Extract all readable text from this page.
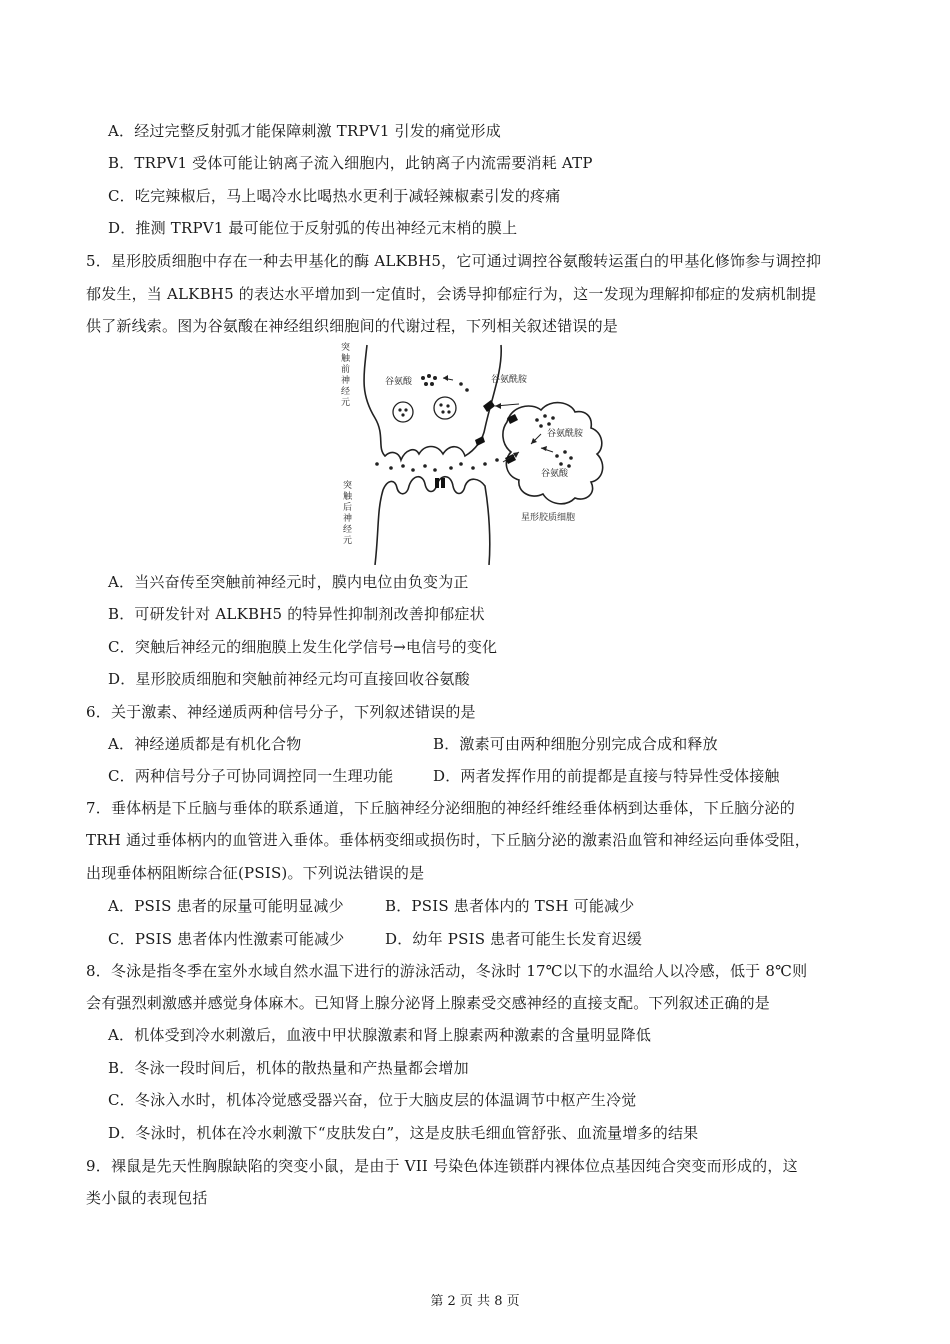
A．经过完整反射弧才能保障刺激 TRPV1 引发的痛觉形成
B．TRPV1 受体可能让钠离子流入细胞内，此钠离子内流需要消耗 ATP
C．吃完辣椒后，马上喝冷水比喝热水更利于减轻辣椒素引发的疼痛
D．推测 TRPV1 最可能位于反射弧的传出神经元末梢的膜上
5．星形胶质细胞中存在一种去甲基化的酶 ALKBH5，它可通过调控谷氨酸转运蛋白的甲基化修饰参与调控抑
郁发生，当 ALKBH5 的表达水平增加到一定值时，会诱导抑郁症行为，这一发现为理解抑郁症的发病机制提
供了新线索。图为谷氨酸在神经组织细胞间的代谢过程，下列相关叙述错误的是
突触前神经元
突触后神经元
谷氨酸	谷氨酰胺
谷氨酰胺
谷氨酸
星形胶质细胞
A．当兴奋传至突触前神经元时，膜内电位由负变为正
B．可研发针对 ALKBH5 的特异性抑制剂改善抑郁症状
C．突触后神经元的细胞膜上发生化学信号→电信号的变化
D．星形胶质细胞和突触前神经元均可直接回收谷氨酸
6．关于激素、神经递质两种信号分子，下列叙述错误的是
A．神经递质都是有机化合物	B．激素可由两种细胞分别完成合成和释放
C．两种信号分子可协同调控同一生理功能	D．两者发挥作用的前提都是直接与特异性受体接触
7．垂体柄是下丘脑与垂体的联系通道，下丘脑神经分泌细胞的神经纤维经垂体柄到达垂体，下丘脑分泌的
TRH 通过垂体柄内的血管进入垂体。垂体柄变细或损伤时，下丘脑分泌的激素沿血管和神经运向垂体受阻，
出现垂体柄阻断综合征(PSIS)。下列说法错误的是
A．PSIS 患者的尿量可能明显减少	B．PSIS 患者体内的 TSH 可能减少
C．PSIS 患者体内性激素可能减少	D．幼年 PSIS 患者可能生长发育迟缓
8．冬泳是指冬季在室外水域自然水温下进行的游泳活动，冬泳时 17℃以下的水温给人以冷感，低于 8℃则
会有强烈刺激感并感觉身体麻木。已知肾上腺分泌肾上腺素受交感神经的直接支配。下列叙述正确的是
A．机体受到冷水刺激后，血液中甲状腺激素和肾上腺素两种激素的含量明显降低
B．冬泳一段时间后，机体的散热量和产热量都会增加
C．冬泳入水时，机体冷觉感受器兴奋，位于大脑皮层的体温调节中枢产生冷觉
D．冬泳时，机体在冷水刺激下“皮肤发白”，这是皮肤毛细血管舒张、血流量增多的结果
9．裸鼠是先天性胸腺缺陷的突变小鼠，是由于 VII 号染色体连锁群内裸体位点基因纯合突变而形成的，这
类小鼠的表现包括
第 2 页 共 8 页
